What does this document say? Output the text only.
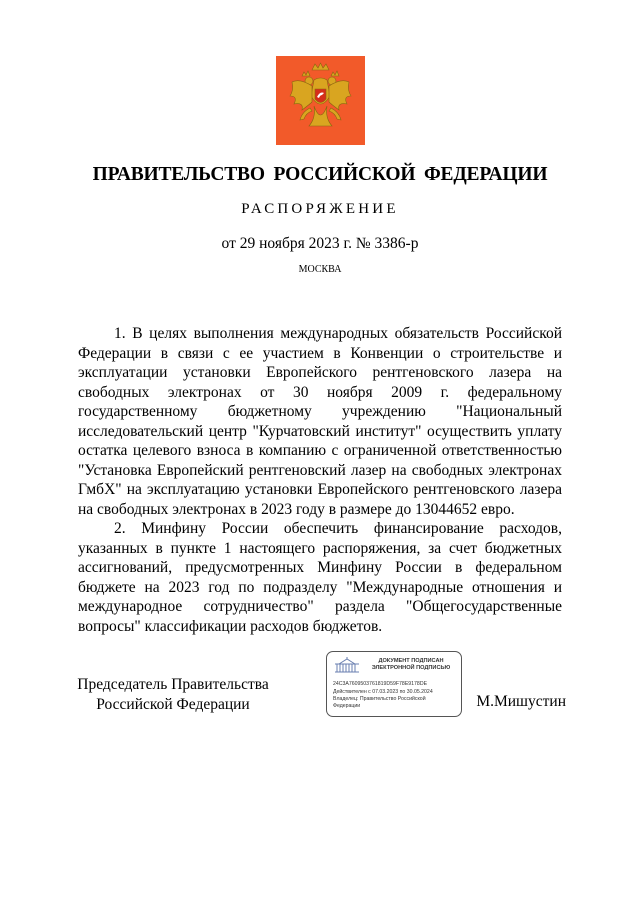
ПРАВИТЕЛЬСТВО РОССИЙСКОЙ ФЕДЕРАЦИИ
РАСПОРЯЖЕНИЕ
от 29 ноября 2023 г. № 3386-р
МОСКВА

1. В целях выполнения международных обязательств Российской Федерации в связи с ее участием в Конвенции о строительстве и эксплуатации установки Европейского рентгеновского лазера на свободных электронах от 30 ноября 2009 г. федеральному государственному бюджетному учреждению "Национальный исследовательский центр "Курчатовский институт" осуществить уплату остатка целевого взноса в компанию с ограниченной ответственностью "Установка Европейский рентгеновский лазер на свободных электронах ГмбХ" на эксплуатацию установки Европейского рентгеновского лазера на свободных электронах в 2023 году в размере до 13044652 евро.

2. Минфину России обеспечить финансирование расходов, указанных в пункте 1 настоящего распоряжения, за счет бюджетных ассигнований, предусмотренных Минфину России в федеральном бюджете на 2023 год по подразделу "Международные отношения и международное сотрудничество" раздела "Общегосударственные вопросы" классификации расходов бюджетов.

Председатель Правительства
Российской Федерации
ДОКУМЕНТ ПОДПИСАН
ЭЛЕКТРОННОЙ ПОДПИСЬЮ
24C3A7609503761819D59F78E9178DE
Действителен с 07.03.2023 по 30.05.2024
Владелец: Правительство Российской
Федерации	М.Мишустин
